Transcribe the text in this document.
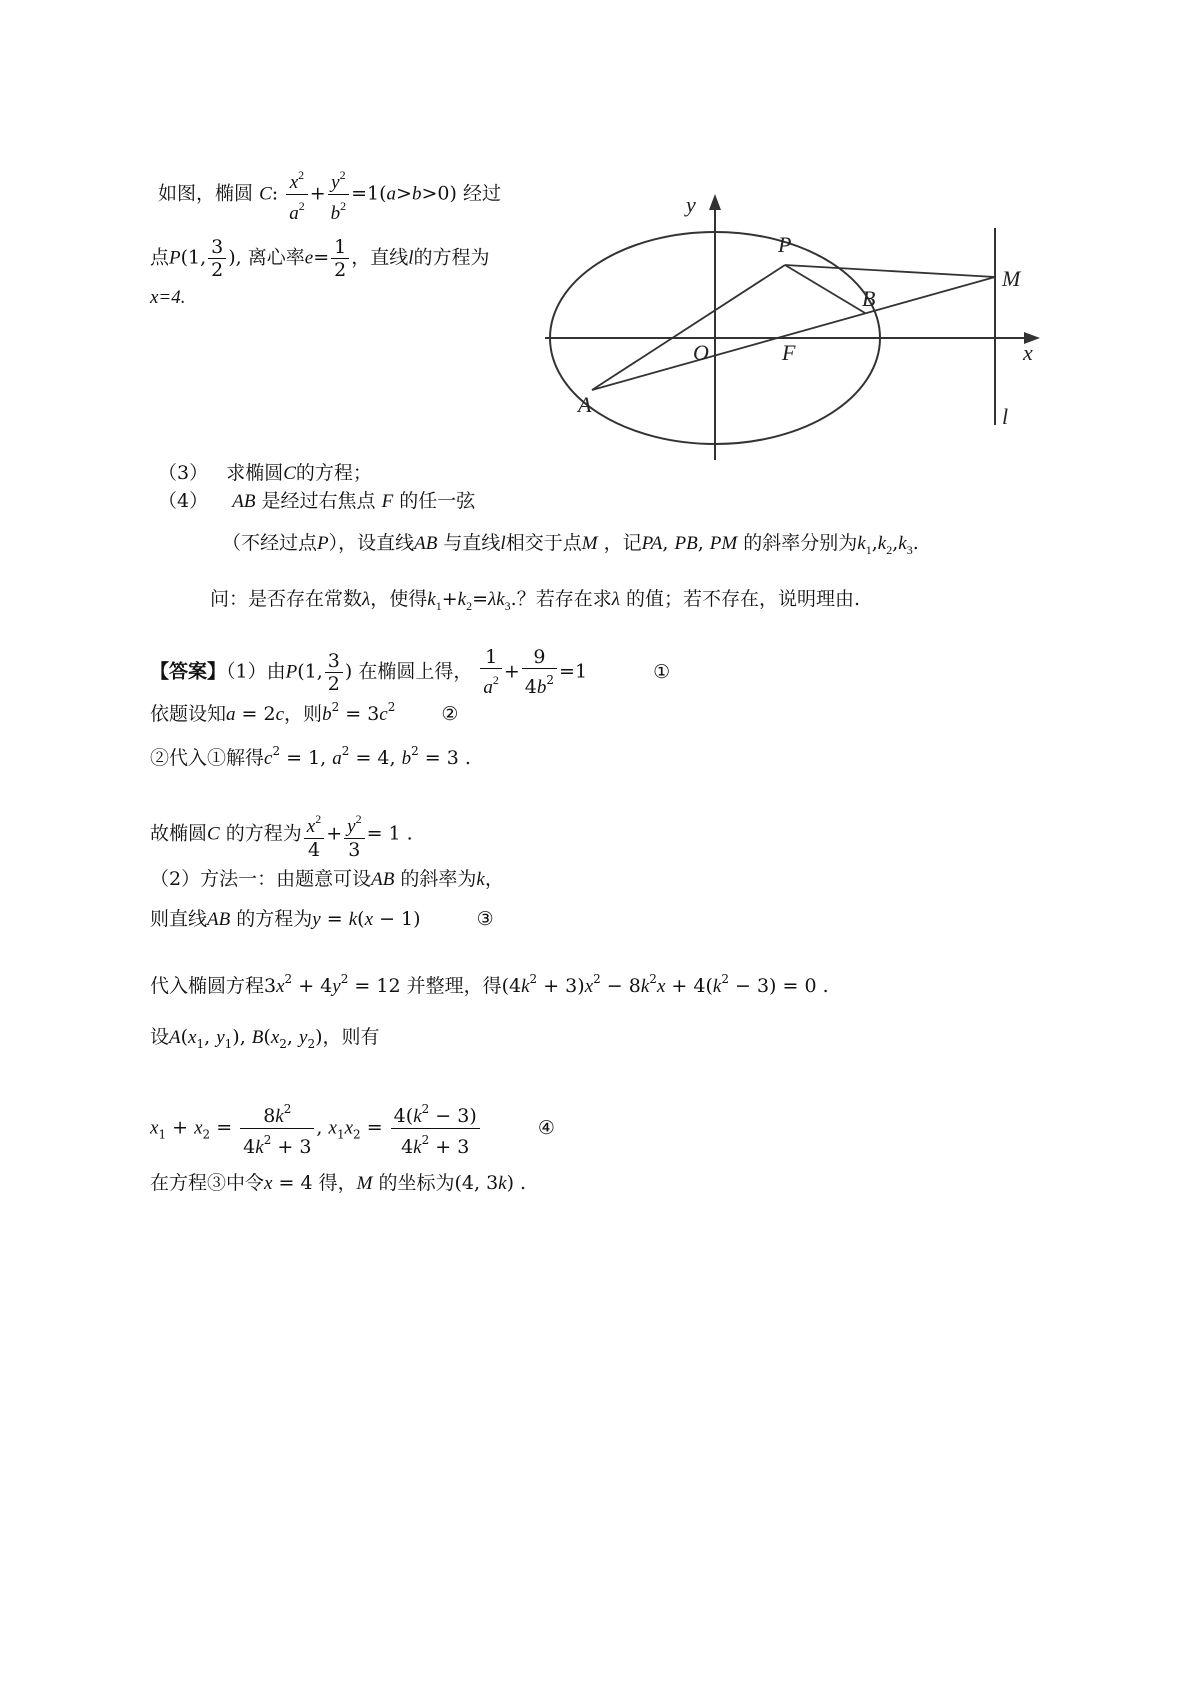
如图，椭圆 C: $\frac{x^2}{a^2} + \frac{y^2}{b^2} =1(a>b>0)$ 经过
点P(1, $\frac{3}{2}$ ), 离心率$e= \frac{1}{2}$ ，直线l的方程为
x=4.
y
x
P
M
B
O	F
A	l
（3） 求椭圆C的方程；
（4） AB 是经过右焦点 F 的任一弦
（不经过点P），设直线AB 与直线l相交于点M ，记PA, PB, PM 的斜率分别为$k_1,k_2,k_3$.
问：是否存在常数λ，使得$k_1+k_2=\lambda k_3$.？若存在求λ 的值；若不存在，说明理由.
【答案】（1）由P(1, $\frac{3}{2}$ ) 在椭圆上得， $\frac{1}{a^2} + \frac{9}{4b^2} =1$	①
依题设知a = 2c，则$b^2 = 3c^2$ ②
②代入①解得$c^2 = 1$, $a^2 = 4$, $b^2 = 3$ .
故椭圆C 的方程为 $\frac{x^2}{4} + \frac{y^2}{3} = 1$ .
（2）方法一：由题意可设AB 的斜率为k，
则直线AB 的方程为y = k(x − 1)	③
代入椭圆方程$3x^2 + 4y^2 = 12$ 并整理，得$(4k^2 + 3)x^2 - 8k^2x + 4(k^2 - 3) = 0$ .
设$A(x_1$, $y_1$), $B(x_2$, $y_2$)，则有
$x_1 + x_2 = \frac{8k^2}{4k^2 + 3}$ , $x_1x_2 = \frac{4(k^2 - 3)}{4k^2 + 3}$	④
在方程③中令x = 4 得，M 的坐标为(4, 3k) .
